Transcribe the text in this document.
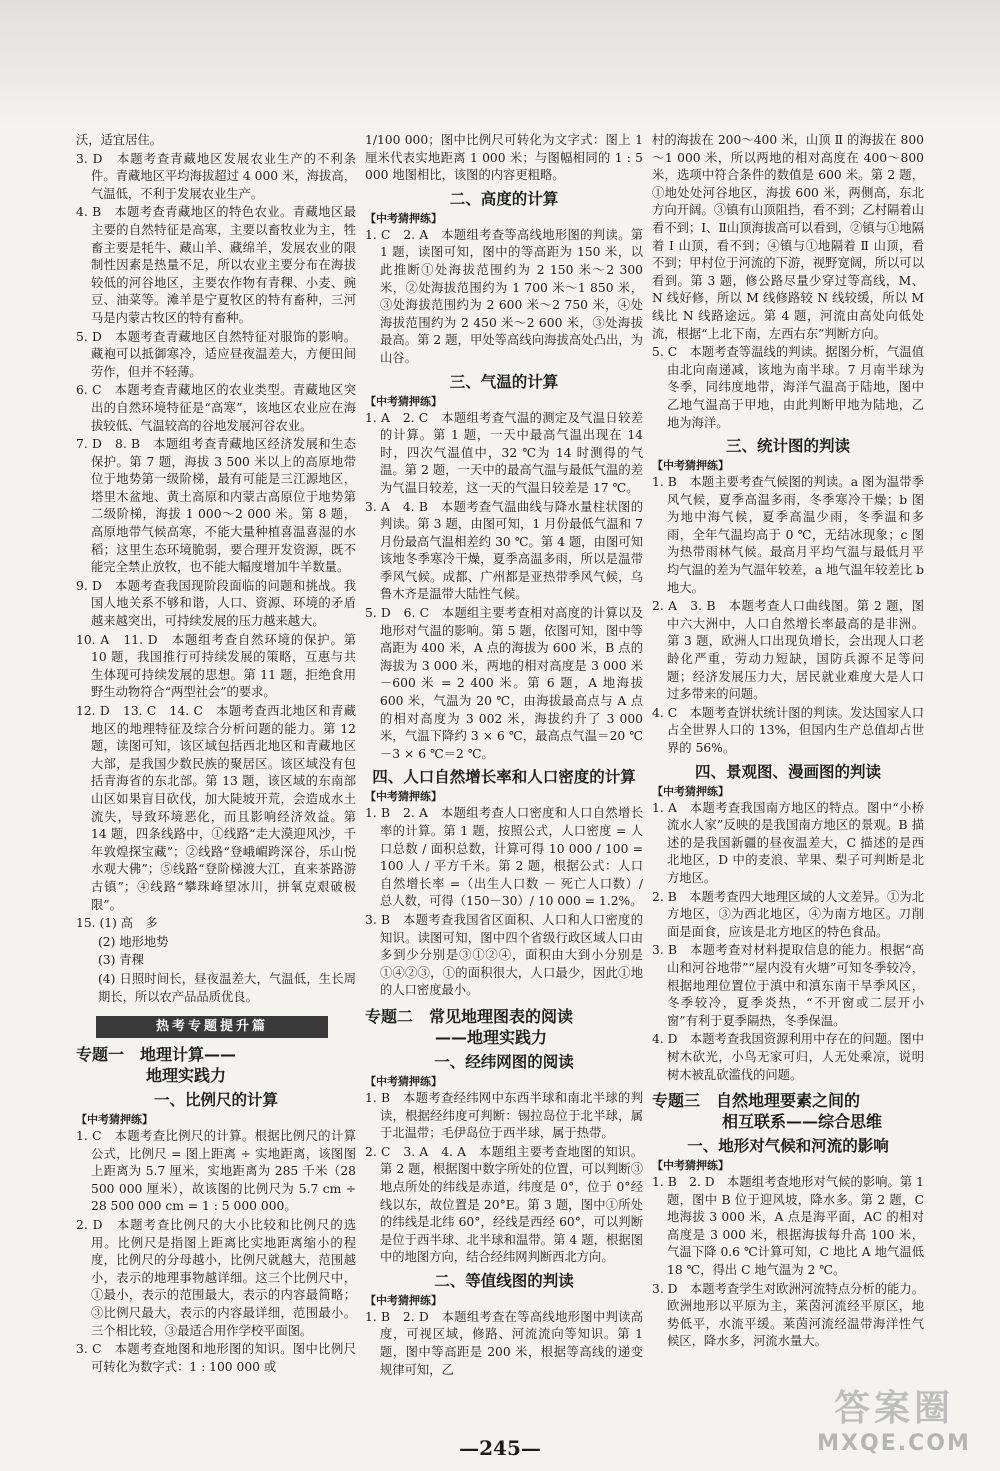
沃，适宜居住。

3. D　本题考查青藏地区发展农业生产的不利条件。青藏地区平均海拔超过 4 000 米，海拔高，气温低，不利于发展农业生产。

4. B　本题考查青藏地区的特色农业。青藏地区最主要的自然特征是高寒，主要以畜牧业为主，牲畜主要是牦牛、藏山羊、藏绵羊，发展农业的限制性因素是热量不足，所以农业主要分布在海拔较低的河谷地区，主要农作物有青稞、小麦、豌豆、油菜等。滩羊是宁夏牧区的特有畜种，三河马是内蒙古牧区的特有畜种。

5. D　本题考查青藏地区自然特征对服饰的影响。藏袍可以抵御寒冷，适应昼夜温差大，方便田间劳作，但并不轻薄。

6. C　本题考查青藏地区的农业类型。青藏地区突出的自然环境特征是“高寒”，该地区农业应在海拔较低、气温较高的谷地发展河谷农业。

7. D　8. B　本题组考查青藏地区经济发展和生态保护。第 7 题，海拔 3 500 米以上的高原地带位于地势第一级阶梯，最有可能是三江源地区，塔里木盆地、黄土高原和内蒙古高原位于地势第二级阶梯，海拔 1 000～2 000 米。第 8 题，高原地带气候高寒，不能大量种植喜温喜湿的水稻；这里生态环境脆弱，要合理开发资源，既不能完全禁止放牧，也不能大幅度增加牛羊数量。

9. D　本题考查我国现阶段面临的问题和挑战。我国人地关系不够和谐，人口、资源、环境的矛盾越来越突出，可持续发展的压力越来越大。

10. A　11. D　本题组考查自然环境的保护。第 10 题，我国推行可持续发展的策略，互惠与共生体现可持续发展的思想。第 11 题，拒绝食用野生动物符合“两型社会”的要求。

12. D　13. C　14. C　本题考查西北地区和青藏地区的地理特征及综合分析问题的能力。第 12 题，读图可知，该区域包括西北地区和青藏地区大部，是我国少数民族的聚居区。该区域没有包括青海省的东北部。第 13 题，该区域的东南部山区如果盲目砍伐，加大陡坡开荒，会造成水土流失，导致环境恶化，而且影响经济效益。第 14 题，四条线路中，①线路“走大漠迎风沙，千年敦煌探宝藏”；②线路“登峨嵋跨深谷，乐山悦水观大佛”；⑤线路“登阶梯渡大江，直来茶路游古镇”；④线路“攀珠峰望冰川，拼氧克艰破极限”。

15. (1) 高　多

(2) 地形地势

(3) 青稞

(4) 日照时间长，昼夜温差大，气温低，生长周期长，所以农产品品质优良。

热考专题提升篇
专题一　地理计算——
地理实践力
一、比例尺的计算
【中考猜押练】

1. C　本题考查比例尺的计算。根据比例尺的计算公式，比例尺 = 图上距离 ÷ 实地距离，该图图上距离为 5.7 厘米，实地距离为 285 千米（28 500 000 厘米），故该图的比例尺为 5.7 cm ÷ 28 500 000 cm = 1 : 5 000 000。

2. D　本题考查比例尺的大小比较和比例尺的选用。比例尺是指图上距离比实地距离缩小的程度，比例尺的分母越小，比例尺就越大，范围越小，表示的地理事物越详细。这三个比例尺中，①最小，表示的范围最大，表示的内容最简略；③比例尺最大，表示的内容最详细，范围最小。三个相比较，③最适合用作学校平面图。

3. C　本题考查地图和地形图的知识。图中比例尺可转化为数字式：1 : 100 000 或

1/100 000；图中比例尺可转化为文字式：图上 1 厘米代表实地距离 1 000 米；与图幅相同的 1 : 5 000 地图相比，该图的内容更粗略。

二、高度的计算
【中考猜押练】

1. C　2. A　本题组考查等高线地形图的判读。第 1 题，读图可知，图中的等高距为 150 米，以此推断①处海拔范围约为 2 150 米～2 300 米，②处海拔范围约为 1 700 米～1 850 米，③处海拔范围约为 2 600 米～2 750 米，④处海拔范围约为 2 450 米～2 600 米，③处海拔最高。第 2 题，甲处等高线向海拔高处凸出，为山谷。

三、气温的计算
【中考猜押练】

1. A　2. C　本题组考查气温的测定及气温日较差的计算。第 1 题，一天中最高气温出现在 14 时，四次气温值中，32 ℃为 14 时测得的气温。第 2 题，一天中的最高气温与最低气温的差为气温日较差，这一天的气温日较差是 17 ℃。

3. A　4. B　本题考查气温曲线与降水量柱状图的判读。第 3 题，由图可知，1 月份最低气温和 7 月份最高气温相差约 30 ℃。第 4 题，由图可知该地冬季寒冷干燥，夏季高温多雨，所以是温带季风气候。成都、广州都是亚热带季风气候，乌鲁木齐是温带大陆性气候。

5. D　6. C　本题组主要考查相对高度的计算以及地形对气温的影响。第 5 题，依图可知，图中等高距为 400 米，A 点的海拔为 600 米，B 点的海拔为 3 000 米，两地的相对高度是 3 000 米－600 米 = 2 400 米。第 6 题，A 地海拔 600 米，气温为 20 ℃，由海拔最高点与 A 点的相对高度为 3 002 米，海拔约升了 3 000 米，气温下降约 3 × 6 ℃，最高点气温＝20 ℃－3 × 6 ℃＝2 ℃。

四、人口自然增长率和人口密度的计算
【中考猜押练】

1. B　2. A　本题组考查人口密度和人口自然增长率的计算。第 1 题，按照公式，人口密度 = 人口总数 / 面积总数，计算可得 10 000 / 100 = 100 人 / 平方千米。第 2 题，根据公式：人口自然增长率 =（出生人口数 － 死亡人口数）/ 总人数，可得（150－30）/ 10 000 = 1.2%。

3. B　本题考查我国省区面积、人口和人口密度的知识。读图可知，图中四个省级行政区域人口由多到少分别是③①②④，面积由大到小分别是①④②③，①的面积很大，人口最少，因此①地的人口密度最小。

专题二　常见地理图表的阅读
——地理实践力
一、经纬网图的阅读
【中考猜押练】

1. B　本题考查经纬网中东西半球和南北半球的判读，根据经纬度可判断：锡拉岛位于北半球，属于北温带；毛伊岛位于西半球，属于热带。

2. C　3. A　4. A　本题组主要考查地图的知识。第 2 题，根据图中数字所处的位置，可以判断③地点所处的纬线是赤道，纬度是 0°，位于 0°经线以东，故位置是 20°E。第 3 题，图中①所处的纬线是北纬 60°，经线是西经 60°，可以判断是位于西半球、北半球和温带。第 4 题，根据图中的地图方向，结合经纬网判断西北方向。

二、等值线图的判读
【中考猜押练】

1. B　2. D　本题组考查在等高线地形图中判读高度，可视区域，修路、河流流向等知识。第 1 题，图中等高距是 200 米，根据等高线的递变规律可知，乙

村的海拔在 200～400 米，山顶 Ⅱ 的海拔在 800～1 000 米，所以两地的相对高度在 400～800 米，选项中符合条件的数值是 600 米。第 2 题，①地处处河谷地区，海拔 600 米，两侧高，东北方向开阔。③镇有山顶阻挡，看不到；乙村隔着山看不到；Ⅰ、Ⅱ山顶海拔高可以看到，②镇与①地隔着 Ⅰ 山顶，看不到；④镇与①地隔着 Ⅱ 山顶，看不到；甲村位于河流的下游，视野宽阔，所以可以看到。第 3 题，修公路尽量少穿过等高线，M、N 线好修，所以 M 线修路较 N 线较缓，所以 M 线比 N 线路途远。第 4 题，河流由高处向低处流，根据“上北下南，左西右东”判断方向。

5. C　本题考查等温线的判读。据图分析，气温值由北向南递减，该地为南半球。7 月南半球为冬季，同纬度地带，海洋气温高于陆地，图中乙地气温高于甲地，由此判断甲地为陆地，乙地为海洋。

三、统计图的判读
【中考猜押练】

1. B　本题主要考查气候图的判读。a 图为温带季风气候，夏季高温多雨，冬季寒冷干燥；b 图为地中海气候，夏季高温少雨，冬季温和多雨，全年气温均高于 0 ℃，无结冰现象；c 图为热带雨林气候。最高月平均气温与最低月平均气温的差为气温年较差，a 地气温年较差比 b 地大。

2. A　3. B　本题考查人口曲线图。第 2 题，图中六大洲中，人口自然增长率最高的是非洲。第 3 题，欧洲人口出现负增长，会出现人口老龄化严重，劳动力短缺，国防兵源不足等问题；经济发展压力大，居民就业难度大是人口过多带来的问题。

4. C　本题考查饼状统计图的判读。发达国家人口占全世界人口的 13%，但国内生产总值却占世界的 56%。

四、景观图、漫画图的判读
【中考猜押练】

1. A　本题考查我国南方地区的特点。图中“小桥流水人家”反映的是我国南方地区的景观。B 描述的是我国新疆的昼夜温差大，C 描述的是西北地区，D 中的麦浪、苹果、梨子可判断是北方地区。

2. B　本题考查四大地理区域的人文差异。①为北方地区，③为西北地区，④为南方地区。刀削面是面食，应该是北方地区的特色食品。

3. B　本题考查对材料提取信息的能力。根据“高山和河谷地带”“屋内没有火塘”可知冬季较冷，根据地理位置位于滇中和滇东南干旱季风区，冬季较冷，夏季炎热，“不开窗或二层开小窗”有利于夏季隔热，冬季保温。

4. D　本题考查我国资源利用中存在的问题。图中树木砍光，小鸟无家可归，人无处乘凉，说明树木被乱砍滥伐的问题。

专题三　自然地理要素之间的
相互联系——综合思维
一、地形对气候和河流的影响
【中考猜押练】

1. B　2. D　本题组考查地形对气候的影响。第 1 题，图中 B 位于迎风坡，降水多。第 2 题，C 地海拔 3 000 米，A 点是海平面，AC 的相对高度是 3 000 米，根据海拔每升高 100 米，气温下降 0.6 ℃计算可知，C 地比 A 地气温低 18 ℃，得出 C 地气温为 2 ℃。

3. D　本题考查学生对欧洲河流特点分析的能力。欧洲地形以平原为主，莱茵河流经平原区，地势低平，水流平缓。莱茵河流经温带海洋性气候区，降水多，河流水量大。

—245—
答案圈
MXQE.COM
